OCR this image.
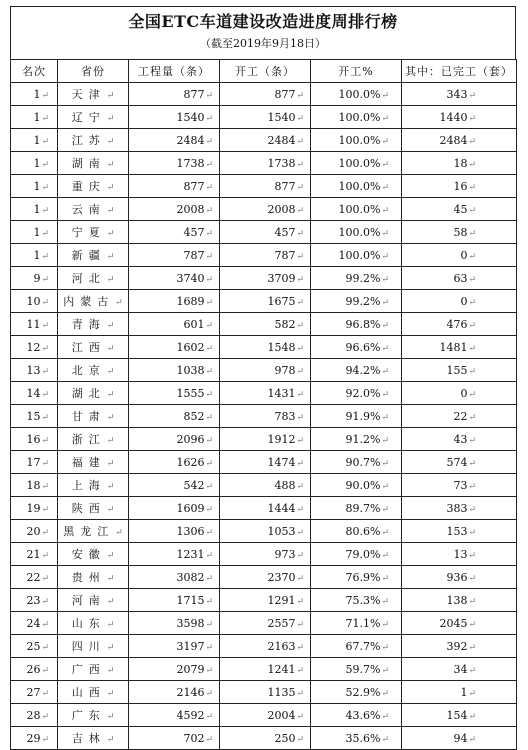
全国ETC车道建设改造进度周排行榜
（截至2019年9月18日）
名次	省份	工程量（条）	开工（条）	开工%	其中：已完工（套）
1↵	天津↵	877↵	877↵	100.0%↵	343↵
1↵	辽宁↵	1540↵	1540↵	100.0%↵	1440↵
1↵	江苏↵	2484↵	2484↵	100.0%↵	2484↵
1↵	湖南↵	1738↵	1738↵	100.0%↵	18↵
1↵	重庆↵	877↵	877↵	100.0%↵	16↵
1↵	云南↵	2008↵	2008↵	100.0%↵	45↵
1↵	宁夏↵	457↵	457↵	100.0%↵	58↵
1↵	新疆↵	787↵	787↵	100.0%↵	0↵
9↵	河北↵	3740↵	3709↵	99.2%↵	63↵
10↵	内蒙古↵	1689↵	1675↵	99.2%↵	0↵
11↵	青海↵	601↵	582↵	96.8%↵	476↵
12↵	江西↵	1602↵	1548↵	96.6%↵	1481↵
13↵	北京↵	1038↵	978↵	94.2%↵	155↵
14↵	湖北↵	1555↵	1431↵	92.0%↵	0↵
15↵	甘肃↵	852↵	783↵	91.9%↵	22↵
16↵	浙江↵	2096↵	1912↵	91.2%↵	43↵
17↵	福建↵	1626↵	1474↵	90.7%↵	574↵
18↵	上海↵	542↵	488↵	90.0%↵	73↵
19↵	陕西↵	1609↵	1444↵	89.7%↵	383↵
20↵	黑龙江↵	1306↵	1053↵	80.6%↵	153↵
21↵	安徽↵	1231↵	973↵	79.0%↵	13↵
22↵	贵州↵	3082↵	2370↵	76.9%↵	936↵
23↵	河南↵	1715↵	1291↵	75.3%↵	138↵
24↵	山东↵	3598↵	2557↵	71.1%↵	2045↵
25↵	四川↵	3197↵	2163↵	67.7%↵	392↵
26↵	广西↵	2079↵	1241↵	59.7%↵	34↵
27↵	山西↵	2146↵	1135↵	52.9%↵	1↵
28↵	广东↵	4592↵	2004↵	43.6%↵	154↵
29↵	吉林↵	702↵	250↵	35.6%↵	94↵
